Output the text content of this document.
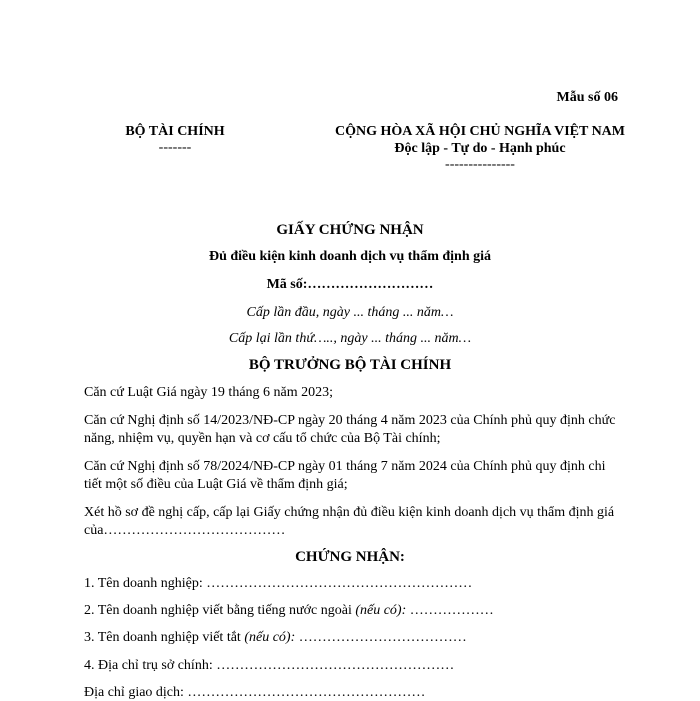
Mẫu số 06
BỘ TÀI CHÍNH
-------
CỘNG HÒA XÃ HỘI CHỦ NGHĨA VIỆT NAM
Độc lập - Tự do - Hạnh phúc
---------------
GIẤY CHỨNG NHẬN
Đủ điều kiện kinh doanh dịch vụ thẩm định giá
Mã số:………………………
Cấp lần đầu, ngày ... tháng ... năm…
Cấp lại lần thứ….., ngày ... tháng ... năm…
BỘ TRƯỞNG BỘ TÀI CHÍNH
Căn cứ Luật Giá ngày 19 tháng 6 năm 2023;
Căn cứ Nghị định số 14/2023/NĐ-CP ngày 20 tháng 4 năm 2023 của Chính phủ quy định chức năng, nhiệm vụ, quyền hạn và cơ cấu tổ chức của Bộ Tài chính;
Căn cứ Nghị định số 78/2024/NĐ-CP ngày 01 tháng 7 năm 2024 của Chính phủ quy định chi tiết một số điều của Luật Giá về thẩm định giá;
Xét hồ sơ đề nghị cấp, cấp lại Giấy chứng nhận đủ điều kiện kinh doanh dịch vụ thẩm định giá của…………………………………
CHỨNG NHẬN:
1. Tên doanh nghiệp: …………………………………………………
2. Tên doanh nghiệp viết bằng tiếng nước ngoài (nếu có): ………………
3. Tên doanh nghiệp viết tắt (nếu có): ………………………………
4. Địa chỉ trụ sở chính: ……………………………………………
Địa chỉ giao dịch: ……………………………………………
